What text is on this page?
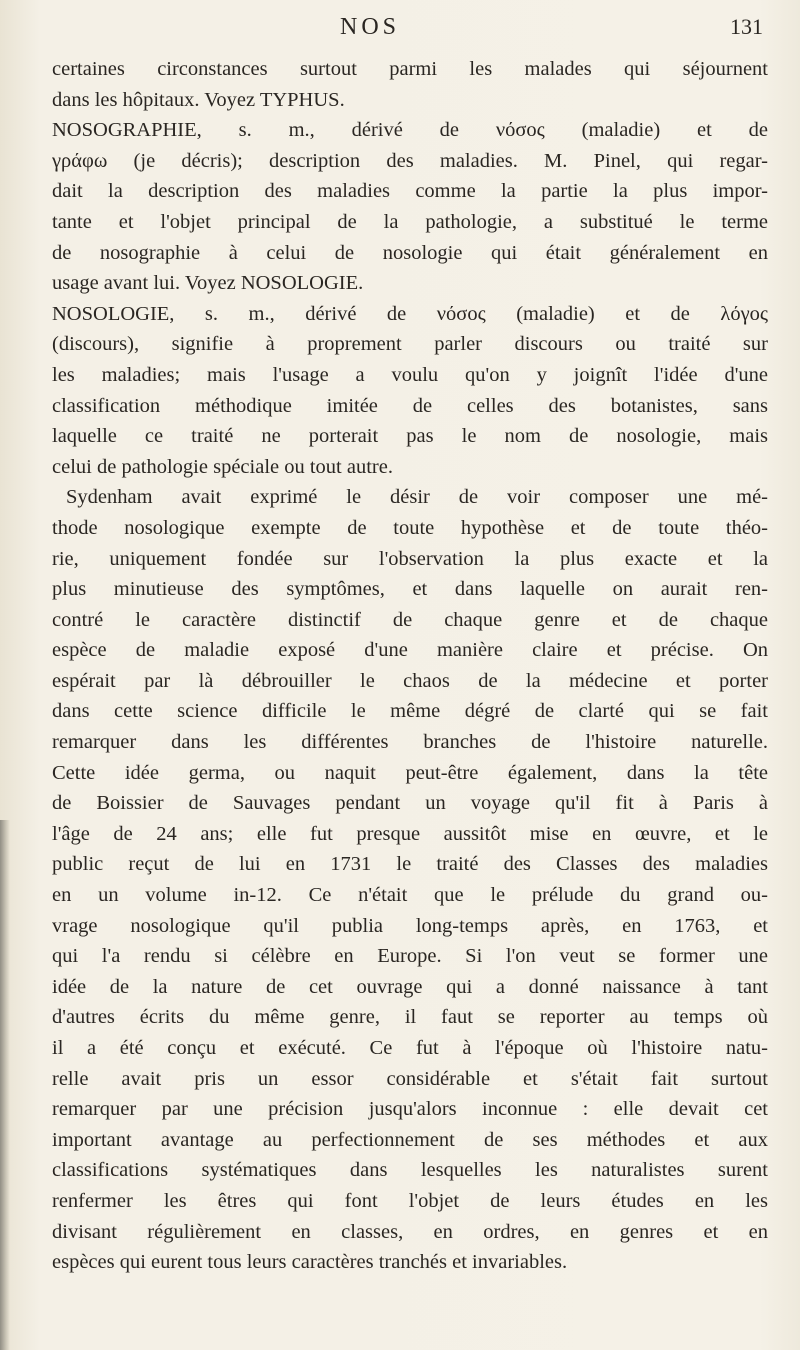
NOS	131
certaines circonstances surtout parmi les malades qui séjournent
dans les hôpitaux. Voyez TYPHUS.
NOSOGRAPHIE, s. m., dérivé de νόσος (maladie) et de
γράφω (je décris); description des maladies. M. Pinel, qui regar-
dait la description des maladies comme la partie la plus impor-
tante et l'objet principal de la pathologie, a substitué le terme
de nosographie à celui de nosologie qui était généralement en
usage avant lui. Voyez NOSOLOGIE.
NOSOLOGIE, s. m., dérivé de νόσος (maladie) et de λόγος
(discours), signifie à proprement parler discours ou traité sur
les maladies; mais l'usage a voulu qu'on y joignît l'idée d'une
classification méthodique imitée de celles des botanistes, sans
laquelle ce traité ne porterait pas le nom de nosologie, mais
celui de pathologie spéciale ou tout autre.
Sydenham avait exprimé le désir de voir composer une mé-
thode nosologique exempte de toute hypothèse et de toute théo-
rie, uniquement fondée sur l'observation la plus exacte et la
plus minutieuse des symptômes, et dans laquelle on aurait ren-
contré le caractère distinctif de chaque genre et de chaque
espèce de maladie exposé d'une manière claire et précise. On
espérait par là débrouiller le chaos de la médecine et porter
dans cette science difficile le même dégré de clarté qui se fait
remarquer dans les différentes branches de l'histoire naturelle.
Cette idée germa, ou naquit peut-être également, dans la tête
de Boissier de Sauvages pendant un voyage qu'il fit à Paris à
l'âge de 24 ans; elle fut presque aussitôt mise en œuvre, et le
public reçut de lui en 1731 le traité des Classes des maladies
en un volume in-12. Ce n'était que le prélude du grand ou-
vrage nosologique qu'il publia long-temps après, en 1763, et
qui l'a rendu si célèbre en Europe. Si l'on veut se former une
idée de la nature de cet ouvrage qui a donné naissance à tant
d'autres écrits du même genre, il faut se reporter au temps où
il a été conçu et exécuté. Ce fut à l'époque où l'histoire natu-
relle avait pris un essor considérable et s'était fait surtout
remarquer par une précision jusqu'alors inconnue : elle devait cet
important avantage au perfectionnement de ses méthodes et aux
classifications systématiques dans lesquelles les naturalistes surent
renfermer les êtres qui font l'objet de leurs études en les
divisant régulièrement en classes, en ordres, en genres et en
espèces qui eurent tous leurs caractères tranchés et invariables.
